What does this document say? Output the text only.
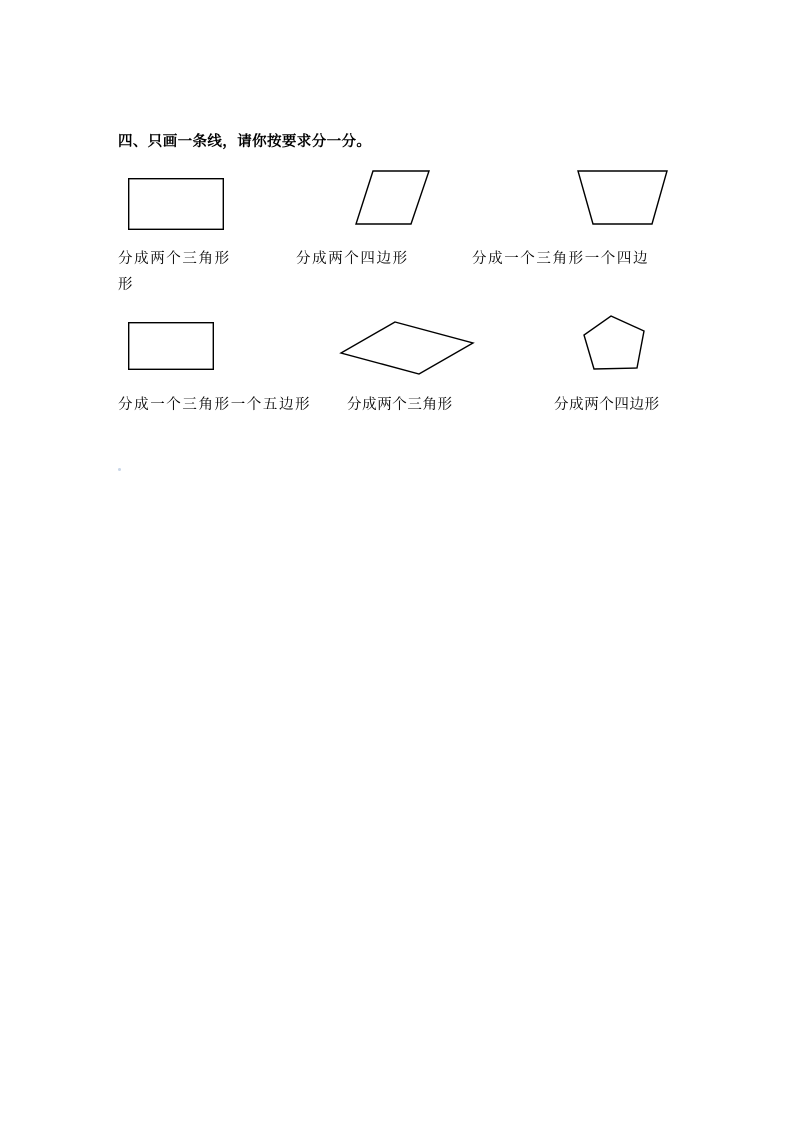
四、只画一条线，请你按要求分一分。
分成两个三角形	分成两个四边形	分成一个三角形一个四边
形
分成一个三角形一个五边形 分成两个三角形	分成两个四边形
